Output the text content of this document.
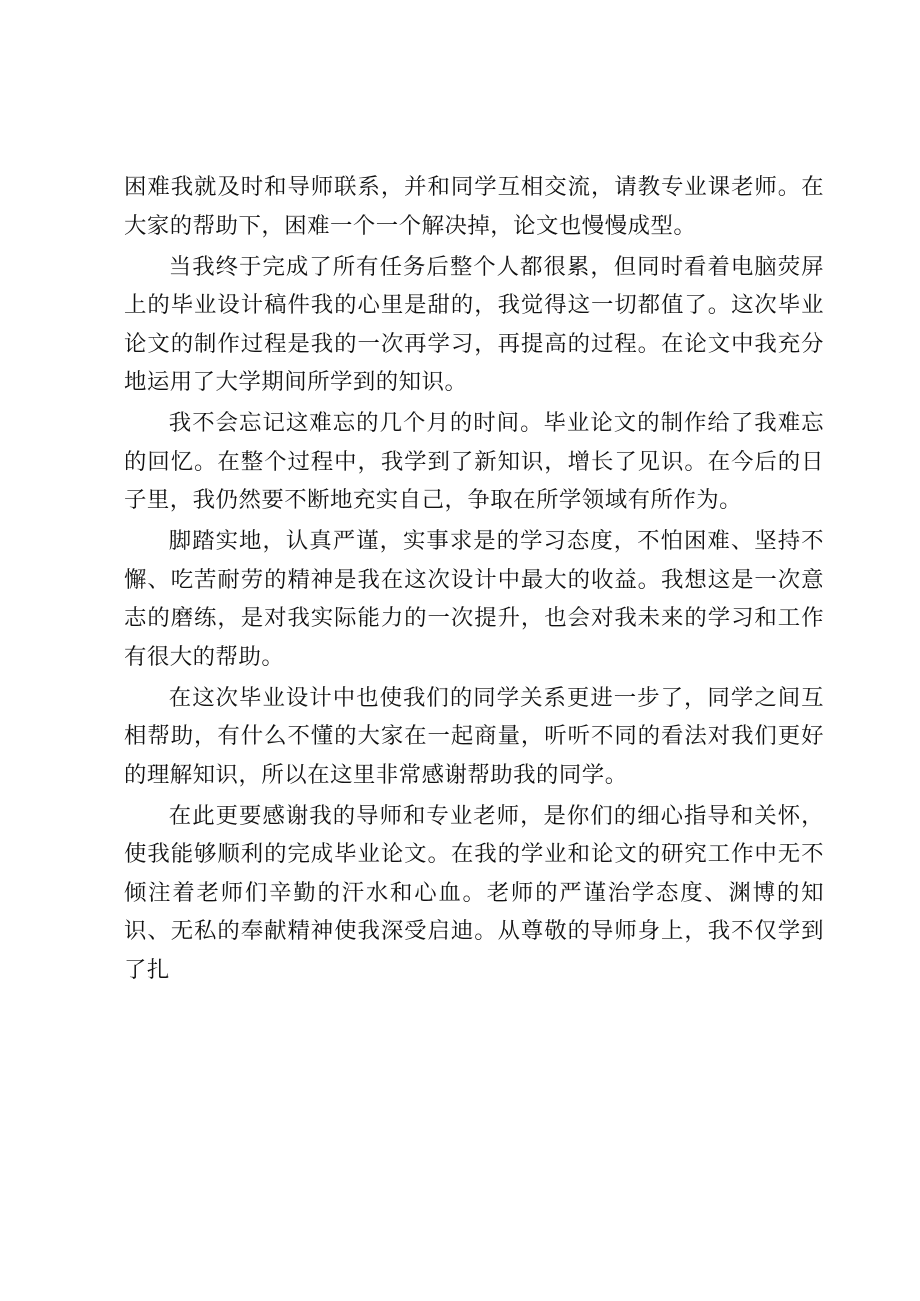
困难我就及时和导师联系，并和同学互相交流，请教专业课老师。在大家的帮助下，困难一个一个解决掉，论文也慢慢成型。

当我终于完成了所有任务后整个人都很累，但同时看着电脑荧屏上的毕业设计稿件我的心里是甜的，我觉得这一切都值了。这次毕业论文的制作过程是我的一次再学习，再提高的过程。在论文中我充分地运用了大学期间所学到的知识。

我不会忘记这难忘的几个月的时间。毕业论文的制作给了我难忘的回忆。在整个过程中，我学到了新知识，增长了见识。在今后的日子里，我仍然要不断地充实自己，争取在所学领域有所作为。

脚踏实地，认真严谨，实事求是的学习态度，不怕困难、坚持不懈、吃苦耐劳的精神是我在这次设计中最大的收益。我想这是一次意志的磨练，是对我实际能力的一次提升，也会对我未来的学习和工作有很大的帮助。

在这次毕业设计中也使我们的同学关系更进一步了，同学之间互相帮助，有什么不懂的大家在一起商量，听听不同的看法对我们更好的理解知识，所以在这里非常感谢帮助我的同学。

在此更要感谢我的导师和专业老师，是你们的细心指导和关怀，使我能够顺利的完成毕业论文。在我的学业和论文的研究工作中无不倾注着老师们辛勤的汗水和心血。老师的严谨治学态度、渊博的知识、无私的奉献精神使我深受启迪。从尊敬的导师身上，我不仅学到了扎
